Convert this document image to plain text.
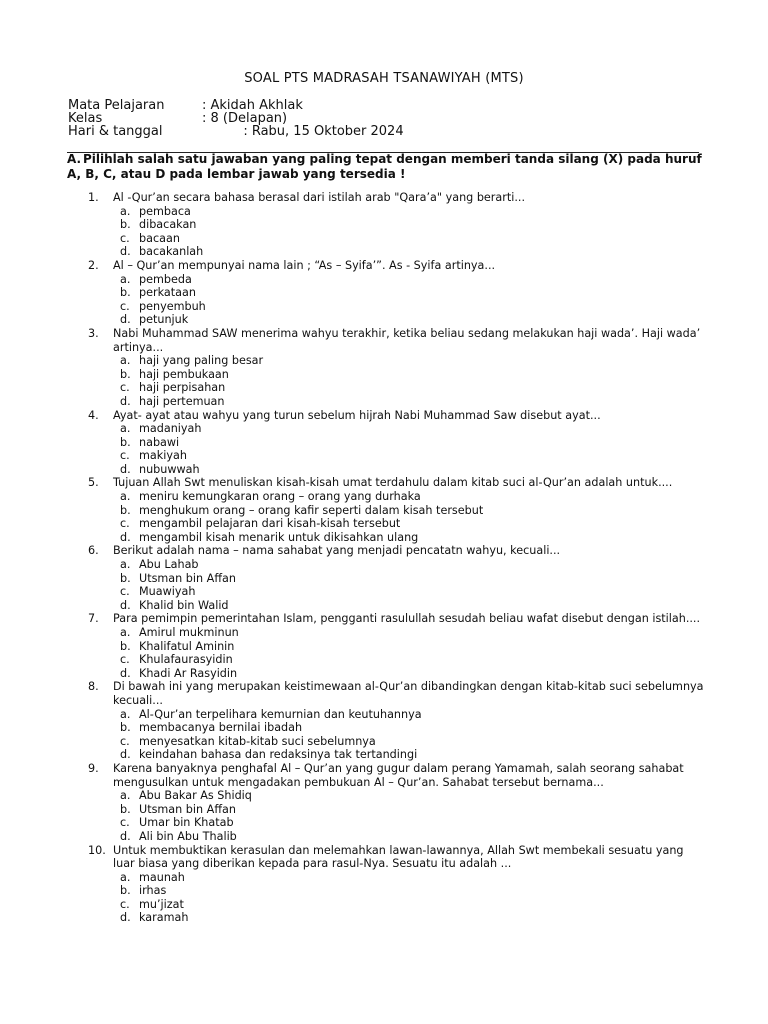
SOAL PTS MADRASAH TSANAWIYAH (MTS)
Mata Pelajaran	: Akidah Akhlak
Kelas	: 8 (Delapan)
Hari & tanggal	: Rabu, 15 Oktober 2024
A. Pilihlah salah satu jawaban yang paling tepat dengan memberi tanda silang (X) pada huruf A, B, C, atau D pada lembar jawab yang tersedia !
1.	Al -Qur’an secara bahasa berasal dari istilah arab "Qara’a" yang berarti...
a. pembaca
b. dibacakan
c. bacaan
d. bacakanlah
2.	Al – Qur’an mempunyai nama lain ; “As – Syifa’”. As - Syifa artinya...
a. pembeda
b. perkataan
c. penyembuh
d. petunjuk
3.	Nabi Muhammad SAW menerima wahyu terakhir, ketika beliau sedang melakukan haji wada’. Haji wada’ artinya...
a. haji yang paling besar
b. haji pembukaan
c. haji perpisahan
d. haji pertemuan
4.	Ayat- ayat atau wahyu yang turun sebelum hijrah Nabi Muhammad Saw disebut ayat...
a. madaniyah
b. nabawi
c. makiyah
d. nubuwwah
5.	Tujuan Allah Swt menuliskan kisah-kisah umat terdahulu dalam kitab suci al-Qur’an adalah untuk....
a. meniru kemungkaran orang – orang yang durhaka
b. menghukum orang – orang kafir seperti dalam kisah tersebut
c. mengambil pelajaran dari kisah-kisah tersebut
d. mengambil kisah menarik untuk dikisahkan ulang
6.	Berikut adalah nama – nama sahabat yang menjadi pencatatn wahyu, kecuali...
a. Abu Lahab
b. Utsman bin Affan
c. Muawiyah
d. Khalid bin Walid
7.	Para pemimpin pemerintahan Islam, pengganti rasulullah sesudah beliau wafat disebut dengan istilah....
a. Amirul mukminun
b. Khalifatul Aminin
c. Khulafaurasyidin
d. Khadi Ar Rasyidin
8.	Di bawah ini yang merupakan keistimewaan al-Qur’an dibandingkan dengan kitab-kitab suci sebelumnya kecuali...
a. Al-Qur’an terpelihara kemurnian dan keutuhannya
b. membacanya bernilai ibadah
c. menyesatkan kitab-kitab suci sebelumnya
d. keindahan bahasa dan redaksinya tak tertandingi
9.	Karena banyaknya penghafal Al – Qur’an yang gugur dalam perang Yamamah, salah seorang sahabat mengusulkan untuk mengadakan pembukuan Al – Qur’an. Sahabat tersebut bernama...
a. Abu Bakar As Shidiq
b. Utsman bin Affan
c. Umar bin Khatab
d. Ali bin Abu Thalib
10. Untuk membuktikan kerasulan dan melemahkan lawan-lawannya, Allah Swt membekali sesuatu yang luar biasa yang diberikan kepada para rasul-Nya. Sesuatu itu adalah ...
a. maunah
b. irhas
c. mu’jizat
d. karamah
